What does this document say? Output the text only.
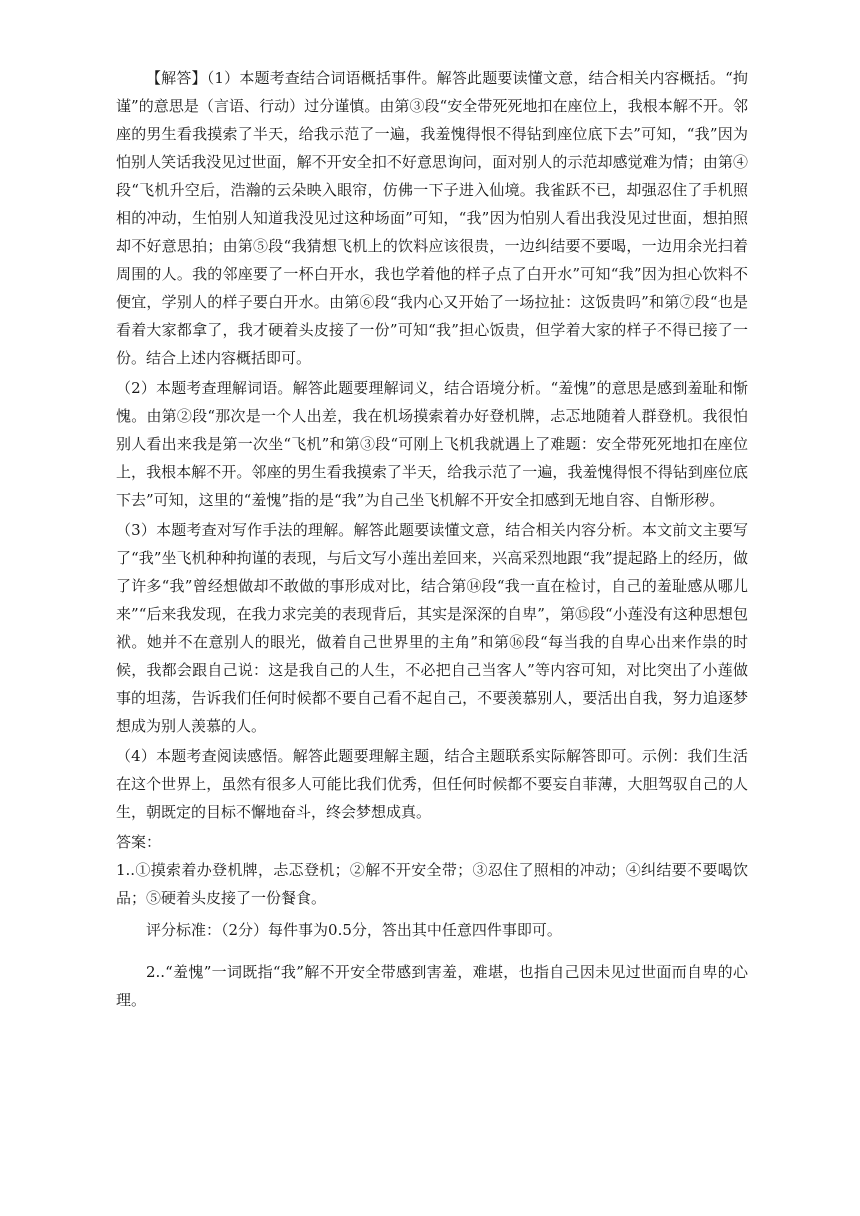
【解答】（1）本题考查结合词语概括事件。解答此题要读懂文意，结合相关内容概括。“拘谨”的意思是（言语、行动）过分谨慎。由第③段“安全带死死地扣在座位上，我根本解不开。邻座的男生看我摸索了半天，给我示范了一遍，我羞愧得恨不得钻到座位底下去”可知，“我”因为怕别人笑话我没见过世面，解不开安全扣不好意思询问，面对别人的示范却感觉难为情；由第④段“飞机升空后，浩瀚的云朵映入眼帘，仿佛一下子进入仙境。我雀跃不已，却强忍住了手机照相的冲动，生怕别人知道我没见过这种场面”可知，“我”因为怕别人看出我没见过世面，想拍照却不好意思拍；由第⑤段“我猜想飞机上的饮料应该很贵，一边纠结要不要喝，一边用余光扫着周围的人。我的邻座要了一杯白开水，我也学着他的样子点了白开水”可知“我”因为担心饮料不便宜，学别人的样子要白开水。由第⑥段“我内心又开始了一场拉扯：这饭贵吗”和第⑦段“也是看着大家都拿了，我才硬着头皮接了一份”可知“我”担心饭贵，但学着大家的样子不得已接了一份。结合上述内容概括即可。

（2）本题考查理解词语。解答此题要理解词义，结合语境分析。“羞愧”的意思是感到羞耻和惭愧。由第②段“那次是一个人出差，我在机场摸索着办好登机牌，忐忑地随着人群登机。我很怕别人看出来我是第一次坐“飞机”和第③段“可刚上飞机我就遇上了难题：安全带死死地扣在座位上，我根本解不开。邻座的男生看我摸索了半天，给我示范了一遍，我羞愧得恨不得钻到座位底下去”可知，这里的“羞愧”指的是“我”为自己坐飞机解不开安全扣感到无地自容、自惭形秽。

（3）本题考查对写作手法的理解。解答此题要读懂文意，结合相关内容分析。本文前文主要写了“我”坐飞机种种拘谨的表现，与后文写小莲出差回来，兴高采烈地跟“我”提起路上的经历，做了许多“我”曾经想做却不敢做的事形成对比，结合第⑭段“我一直在检讨，自己的羞耻感从哪儿来”“后来我发现，在我力求完美的表现背后，其实是深深的自卑”，第⑮段“小莲没有这种思想包袱。她并不在意别人的眼光，做着自己世界里的主角”和第⑯段“每当我的自卑心出来作祟的时候，我都会跟自己说：这是我自己的人生，不必把自己当客人”等内容可知，对比突出了小莲做事的坦荡，告诉我们任何时候都不要自己看不起自己，不要羡慕别人，要活出自我，努力追逐梦想成为别人羡慕的人。

（4）本题考查阅读感悟。解答此题要理解主题，结合主题联系实际解答即可。示例：我们生活在这个世界上，虽然有很多人可能比我们优秀，但任何时候都不要妄自菲薄，大胆驾驭自己的人生，朝既定的目标不懈地奋斗，终会梦想成真。

答案：

1..①摸索着办登机牌，忐忑登机；②解不开安全带；③忍住了照相的冲动；④纠结要不要喝饮品；⑤硬着头皮接了一份餐食。

评分标准：（2分）每件事为0.5分，答出其中任意四件事即可。

2..“羞愧”一词既指“我”解不开安全带感到害羞，难堪，也指自己因未见过世面而自卑的心理。
